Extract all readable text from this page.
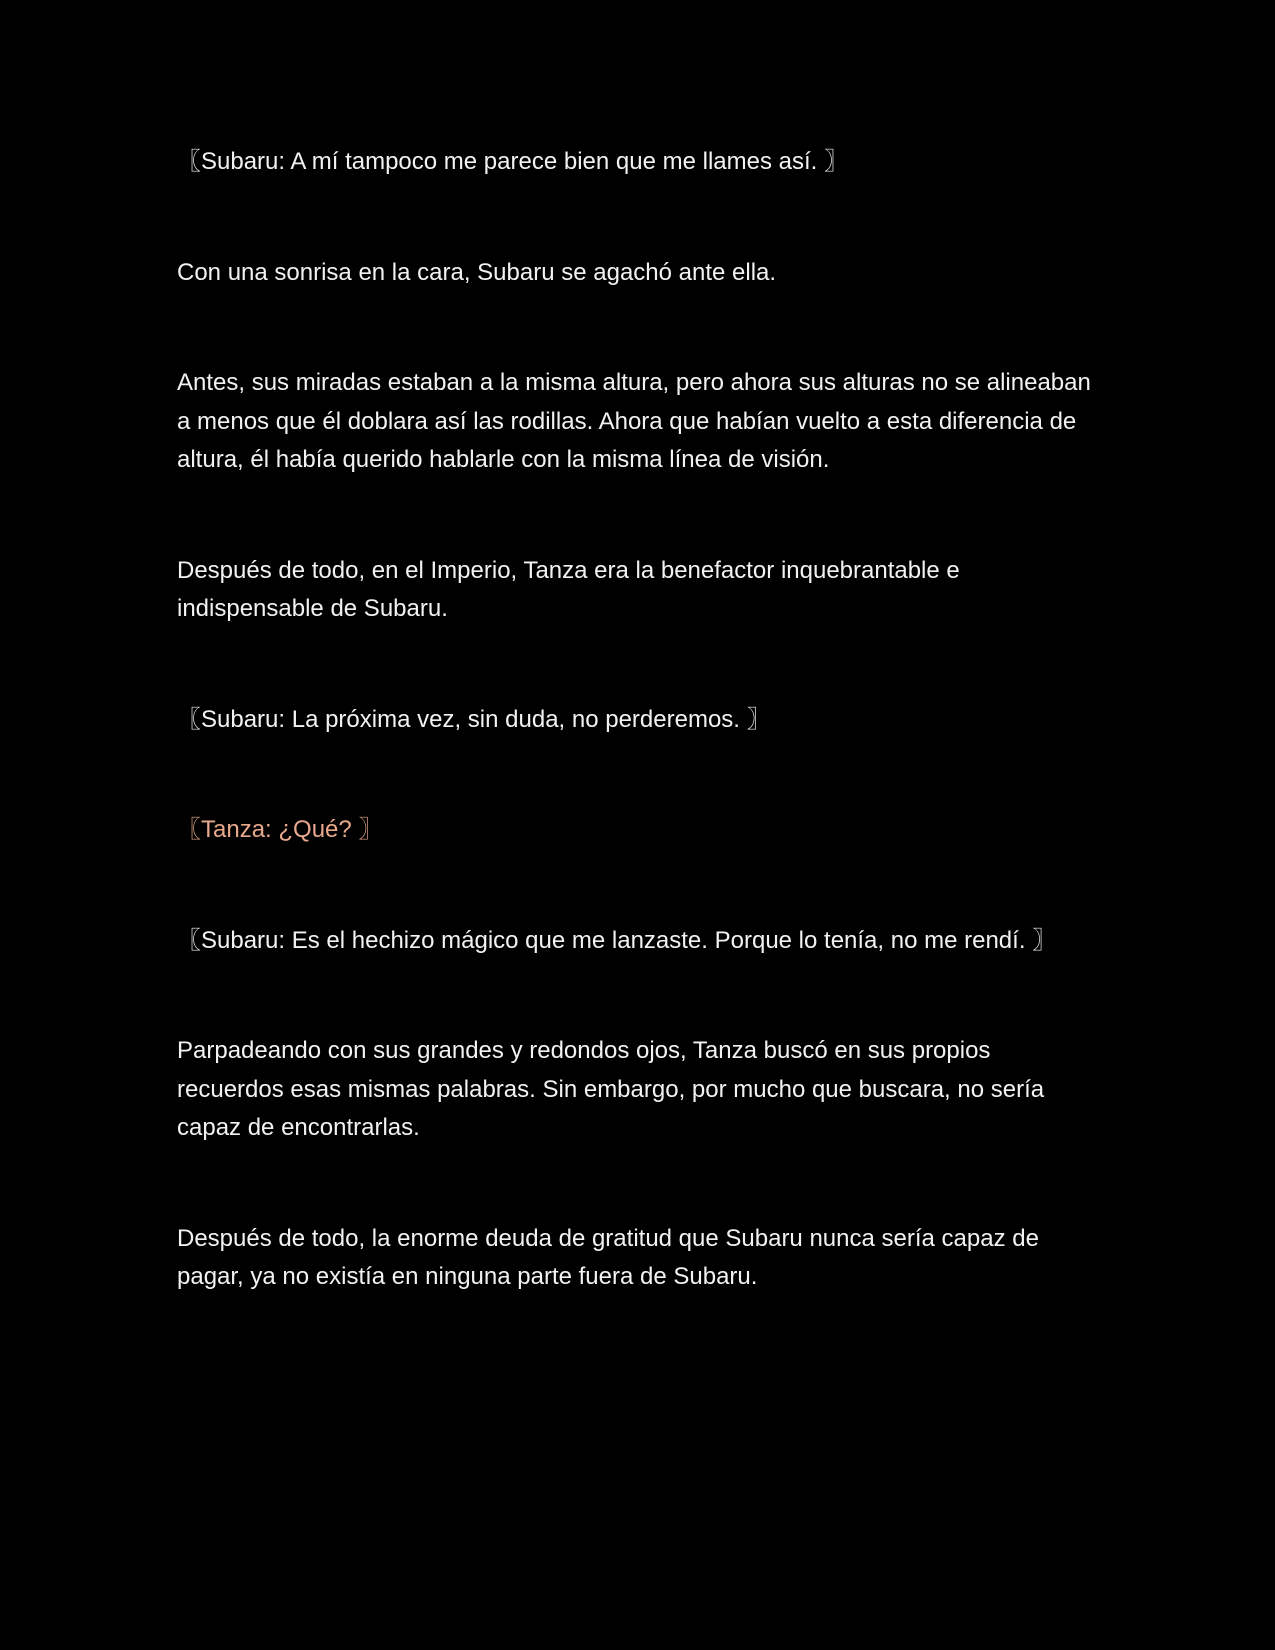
〖Subaru: A mí tampoco me parece bien que me llames así. 〗

Con una sonrisa en la cara, Subaru se agachó ante ella.

Antes, sus miradas estaban a la misma altura, pero ahora sus alturas no se alineaban a menos que él doblara así las rodillas. Ahora que habían vuelto a esta diferencia de altura, él había querido hablarle con la misma línea de visión.

Después de todo, en el Imperio, Tanza era la benefactor inquebrantable e indispensable de Subaru.

〖Subaru: La próxima vez, sin duda, no perderemos. 〗

〖Tanza: ¿Qué? 〗

〖Subaru: Es el hechizo mágico que me lanzaste. Porque lo tenía, no me rendí. 〗

Parpadeando con sus grandes y redondos ojos, Tanza buscó en sus propios recuerdos esas mismas palabras. Sin embargo, por mucho que buscara, no sería capaz de encontrarlas.

Después de todo, la enorme deuda de gratitud que Subaru nunca sería capaz de pagar, ya no existía en ninguna parte fuera de Subaru.
